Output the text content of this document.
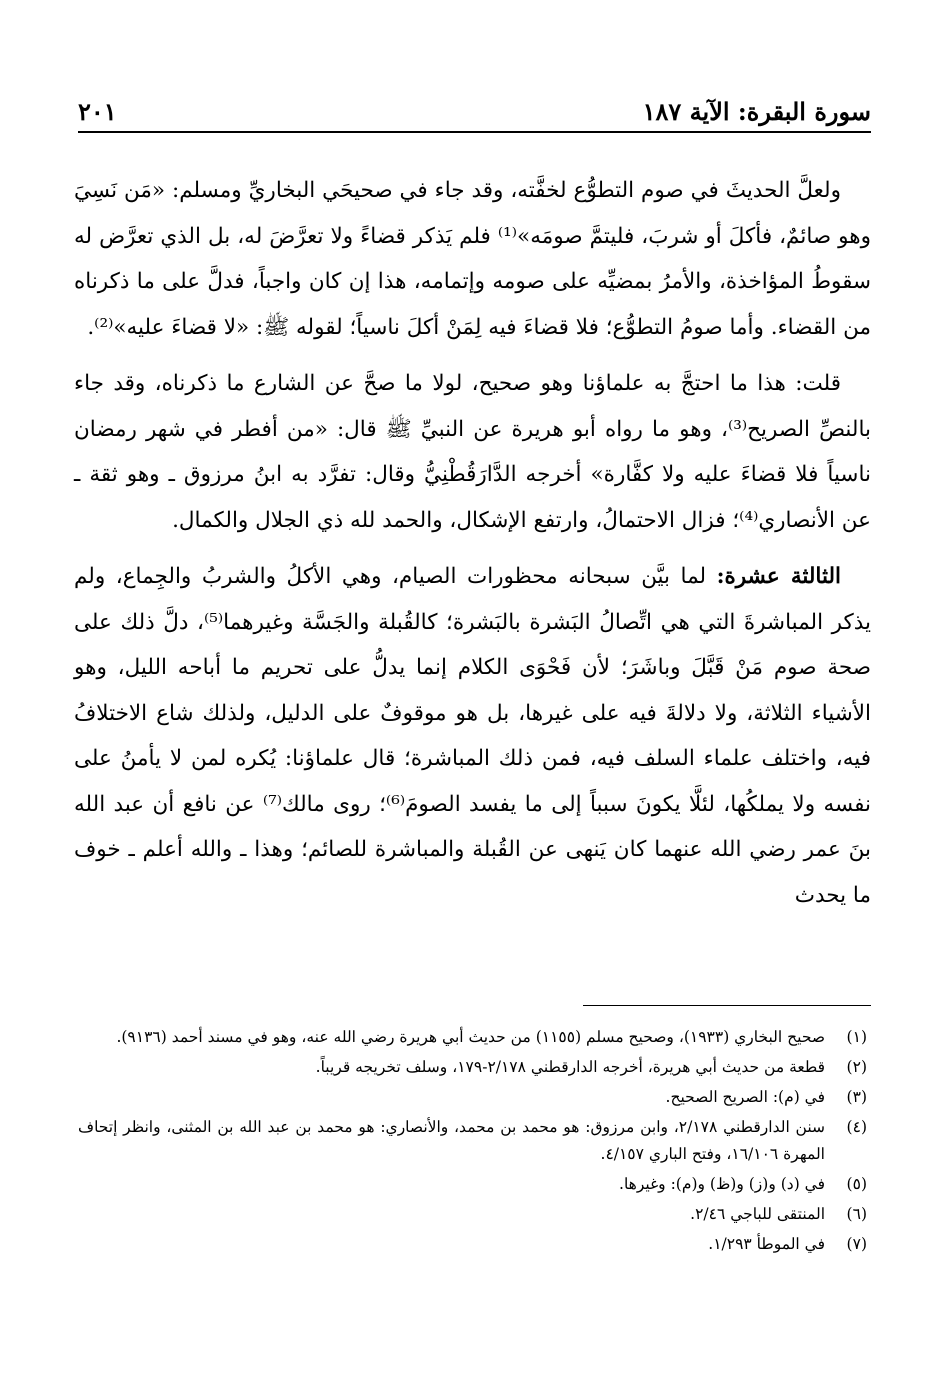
سورة البقرة: الآية ١٨٧
٢٠١

ولعلَّ الحديثَ في صوم التطوُّع لخفَّته، وقد جاء في صحيحَي البخاريِّ ومسلم: «مَن نَسِيَ وهو صائمٌ، فأكلَ أو شربَ، فليتمَّ صومَه»⁽¹⁾ فلم يَذكر قضاءً ولا تعرَّضَ له، بل الذي تعرَّض له سقوطُ المؤاخذة، والأمرُ بمضيِّه على صومه وإتمامه، هذا إن كان واجباً، فدلَّ على ما ذكرناه من القضاء. وأما صومُ التطوُّع؛ فلا قضاءَ فيه لِمَنْ أكلَ ناسياً؛ لقوله ﷺ: «لا قضاءَ عليه»⁽²⁾.

قلت: هذا ما احتجَّ به علماؤنا وهو صحيح، لولا ما صحَّ عن الشارع ما ذكرناه، وقد جاء بالنصِّ الصريح⁽³⁾، وهو ما رواه أبو هريرة عن النبيِّ ﷺ قال: «من أفطر في شهر رمضان ناسياً فلا قضاءَ عليه ولا كفَّارة» أخرجه الدَّارَقُطْنِيُّ وقال: تفرَّد به ابنُ مرزوق ـ وهو ثقة ـ عن الأنصاري⁽⁴⁾؛ فزال الاحتمالُ، وارتفع الإشكال، والحمد لله ذي الجلال والكمال.

الثالثة عشرة: لما بيَّن سبحانه محظورات الصيام، وهي الأكلُ والشربُ والجِماع، ولم يذكر المباشرةَ التي هي اتِّصالُ البَشرة بالبَشرة؛ كالقُبلة والجَسَّة وغيرهما⁽⁵⁾، دلَّ ذلك على صحة صوم مَنْ قَبَّلَ وباشَرَ؛ لأن فَحْوَى الكلام إنما يدلُّ على تحريم ما أباحه الليل، وهو الأشياء الثلاثة، ولا دلالةَ فيه على غيرها، بل هو موقوفٌ على الدليل، ولذلك شاع الاختلافُ فيه، واختلف علماء السلف فيه، فمن ذلك المباشرة؛ قال علماؤنا: يُكره لمن لا يأمنُ على نفسه ولا يملكُها، لئلَّا يكونَ سبباً إلى ما يفسد الصومَ⁽⁶⁾؛ روى مالك⁽⁷⁾ عن نافع أن عبد الله بنَ عمر رضي الله عنهما كان يَنهى عن القُبلة والمباشرة للصائم؛ وهذا ـ والله أعلم ـ خوف ما يحدث

(١)
صحيح البخاري (١٩٣٣)، وصحيح مسلم (١١٥٥) من حديث أبي هريرة رضي الله عنه، وهو في مسند أحمد (٩١٣٦).
(٢)
قطعة من حديث أبي هريرة، أخرجه الدارقطني ٢/١٧٨-١٧٩، وسلف تخريجه قريباً.
(٣)
في (م): الصريح الصحيح.
(٤)
سنن الدارقطني ٢/١٧٨، وابن مرزوق: هو محمد بن محمد، والأنصاري: هو محمد بن عبد الله بن المثنى، وانظر إتحاف المهرة ١٦/١٠٦، وفتح الباري ٤/١٥٧.
(٥)
في (د) و(ز) و(ظ) و(م): وغيرها.
(٦)
المنتقى للباجي ٢/٤٦.
(٧)
في الموطأ ١/٢٩٣.
